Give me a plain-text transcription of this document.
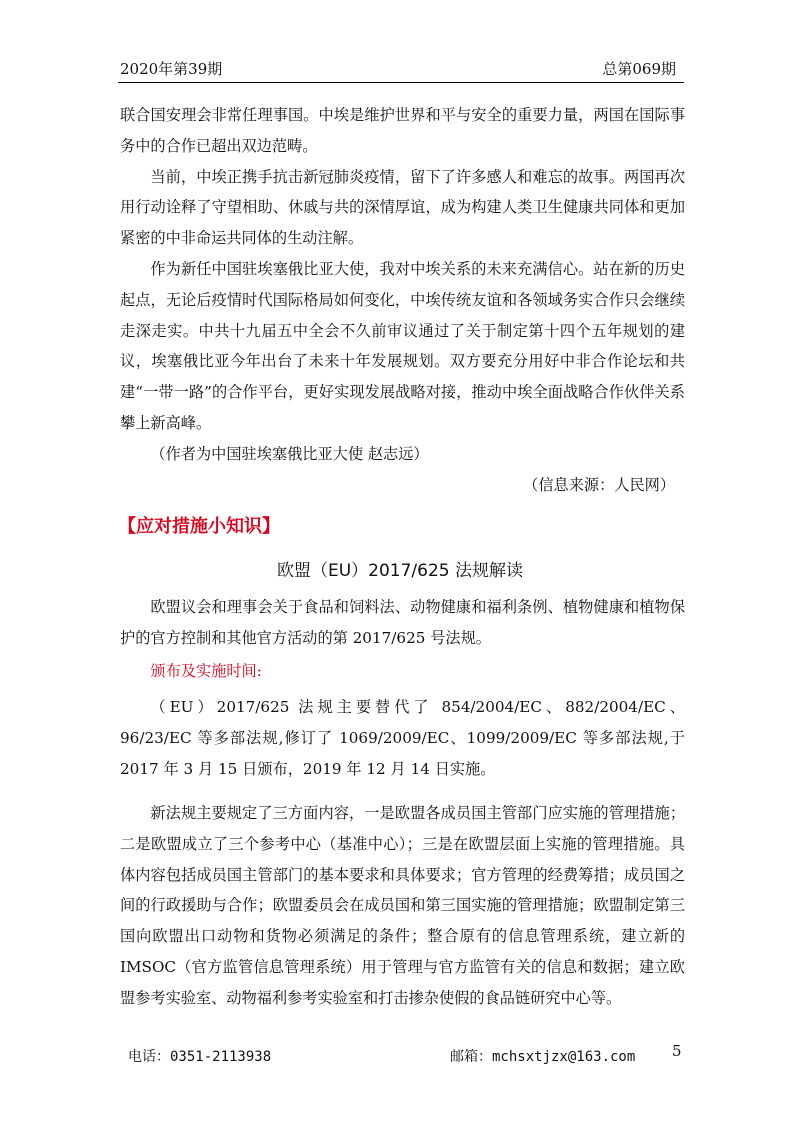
2020年第39期	总第069期

联合国安理会非常任理事国。中埃是维护世界和平与安全的重要力量，两国在国际事务中的合作已超出双边范畴。

当前，中埃正携手抗击新冠肺炎疫情，留下了许多感人和难忘的故事。两国再次用行动诠释了守望相助、休戚与共的深情厚谊，成为构建人类卫生健康共同体和更加紧密的中非命运共同体的生动注解。

作为新任中国驻埃塞俄比亚大使，我对中埃关系的未来充满信心。站在新的历史起点，无论后疫情时代国际格局如何变化，中埃传统友谊和各领域务实合作只会继续走深走实。中共十九届五中全会不久前审议通过了关于制定第十四个五年规划的建议，埃塞俄比亚今年出台了未来十年发展规划。双方要充分用好中非合作论坛和共建“一带一路”的合作平台，更好实现发展战略对接，推动中埃全面战略合作伙伴关系攀上新高峰。

（作者为中国驻埃塞俄比亚大使 赵志远）

（信息来源：人民网）

【应对措施小知识】
欧盟（EU）2017/625 法规解读

欧盟议会和理事会关于食品和饲料法、动物健康和福利条例、植物健康和植物保护的官方控制和其他官方活动的第 2017/625 号法规。

颁布及实施时间:

（EU）2017/625 法规主要替代了 854/2004/EC、882/2004/EC、96/23/EC 等多部法规,修订了 1069/2009/EC、1099/2009/EC 等多部法规,于 2017 年 3 月 15 日颁布，2019 年 12 月 14 日实施。

新法规主要规定了三方面内容，一是欧盟各成员国主管部门应实施的管理措施；二是欧盟成立了三个参考中心（基准中心）；三是在欧盟层面上实施的管理措施。具体内容包括成员国主管部门的基本要求和具体要求；官方管理的经费筹措；成员国之间的行政援助与合作；欧盟委员会在成员国和第三国实施的管理措施；欧盟制定第三国向欧盟出口动物和货物必须满足的条件；整合原有的信息管理系统，建立新的 IMSOC（官方监管信息管理系统）用于管理与官方监管有关的信息和数据；建立欧盟参考实验室、动物福利参考实验室和打击掺杂使假的食品链研究中心等。

电话：0351-2113938	邮箱：mchsxtjzx@163.com 5
